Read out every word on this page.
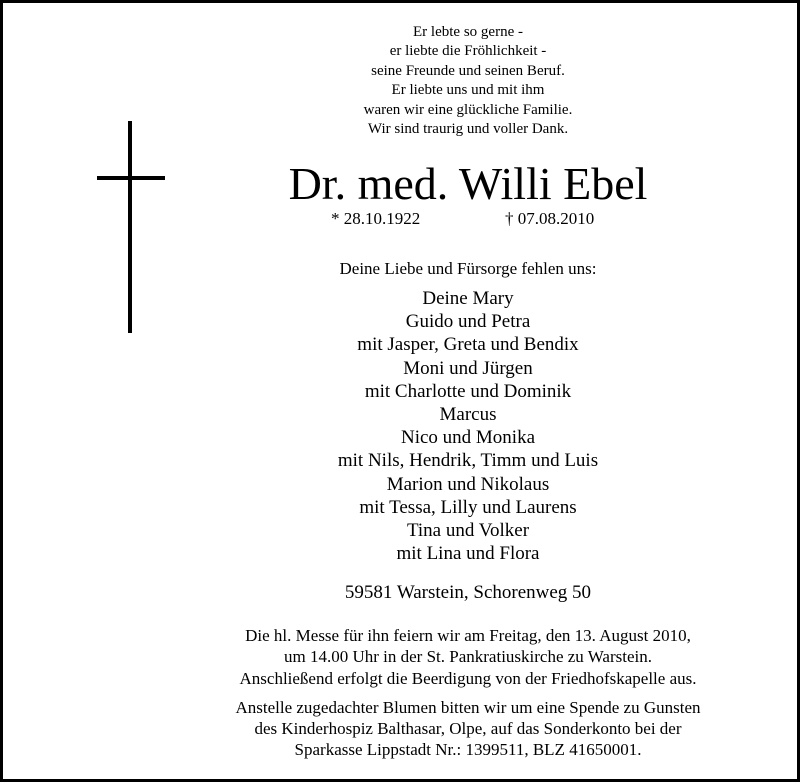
Er lebte so gerne -
er liebte die Fröhlichkeit -
seine Freunde und seinen Beruf.
Er liebte uns und mit ihm
waren wir eine glückliche Familie.
Wir sind traurig und voller Dank.
Dr. med. Willi Ebel
* 28.10.1922	† 07.08.2010
Deine Liebe und Fürsorge fehlen uns:
Deine Mary
Guido und Petra
mit Jasper, Greta und Bendix
Moni und Jürgen
mit Charlotte und Dominik
Marcus
Nico und Monika
mit Nils, Hendrik, Timm und Luis
Marion und Nikolaus
mit Tessa, Lilly und Laurens
Tina und Volker
mit Lina und Flora
59581 Warstein, Schorenweg 50
Die hl. Messe für ihn feiern wir am Freitag, den 13. August 2010,
um 14.00 Uhr in der St. Pankratiuskirche zu Warstein.
Anschließend erfolgt die Beerdigung von der Friedhofskapelle aus.
Anstelle zugedachter Blumen bitten wir um eine Spende zu Gunsten
des Kinderhospiz Balthasar, Olpe, auf das Sonderkonto bei der
Sparkasse Lippstadt Nr.: 1399511, BLZ 41650001.
